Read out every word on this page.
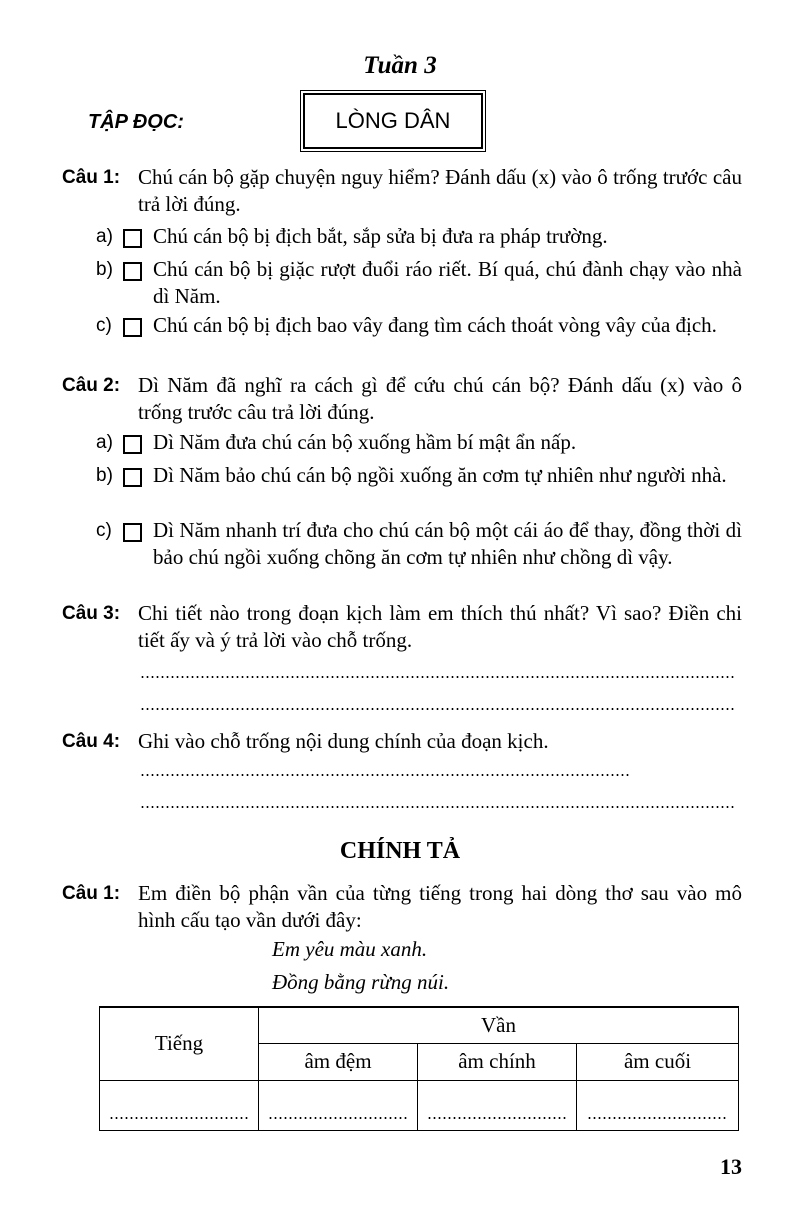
Tuần 3
TẬP ĐỌC:	LÒNG DÂN
Câu 1: Chú cán bộ gặp chuyện nguy hiểm? Đánh dấu (x) vào ô trống trước câu trả lời đúng.
a) Chú cán bộ bị địch bắt, sắp sửa bị đưa ra pháp trường.
b) Chú cán bộ bị giặc rượt đuổi ráo riết. Bí quá, chú đành chạy vào nhà dì Năm.
c) Chú cán bộ bị địch bao vây đang tìm cách thoát vòng vây của địch.
Câu 2: Dì Năm đã nghĩ ra cách gì để cứu chú cán bộ? Đánh dấu (x) vào ô trống trước câu trả lời đúng.
a) Dì Năm đưa chú cán bộ xuống hầm bí mật ẩn nấp.
b) Dì Năm bảo chú cán bộ ngồi xuống ăn cơm tự nhiên như người nhà.
c) Dì Năm nhanh trí đưa cho chú cán bộ một cái áo để thay, đồng thời dì bảo chú ngồi xuống chõng ăn cơm tự nhiên như chồng dì vậy.
Câu 3: Chi tiết nào trong đoạn kịch làm em thích thú nhất? Vì sao? Điền chi tiết ấy và ý trả lời vào chỗ trống.
Câu 4: Ghi vào chỗ trống nội dung chính của đoạn kịch.
CHÍNH TẢ
Câu 1: Em điền bộ phận vần của từng tiếng trong hai dòng thơ sau vào mô hình cấu tạo vần dưới đây:
Em yêu màu xanh.
Đồng bằng rừng núi.
Tiếng	Vần		
	âm đệm	âm chính	âm cuối

13
